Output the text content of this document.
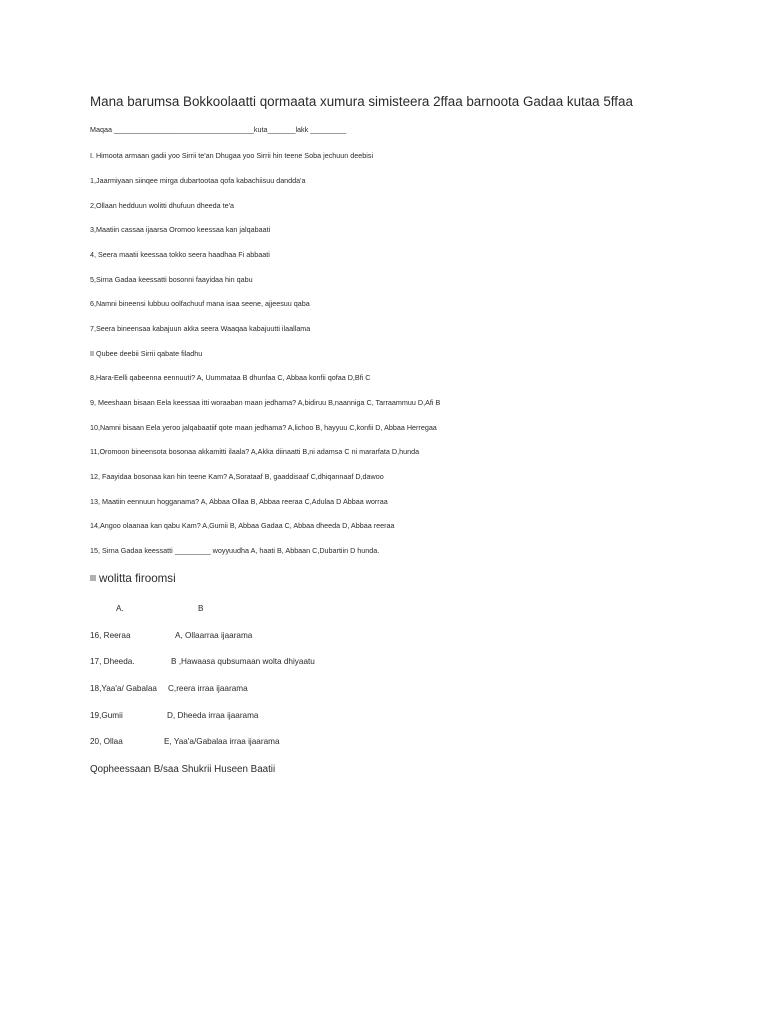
Mana barumsa Bokkoolaatti qormaata xumura simisteera 2ffaa barnoota Gadaa kutaa 5ffaa
Maqaa ___________________________________kuta_______lakk _________
I. Himoota armaan gadii yoo Sirrii te'an Dhugaa yoo Sirrii hin teene Soba jechuun deebisi
1,Jaarmiyaan siinqee mirga dubartootaa qofa kabachiisuu dandda'a
2,Ollaan hedduun wolitti dhufuun dheeda te'a
3,Maatiin cassaa ijaarsa Oromoo keessaa kan jalqabaati
4, Seera maatii keessaa tokko seera haadhaa Fi abbaati
5,Sirna Gadaa keessatti bosonni faayidaa hin qabu
6,Namni bineensi lubbuu oolfachuuf mana isaa seene, ajjeesuu qaba
7,Seera bineensaa kabajuun akka seera Waaqaa kabajuutti ilaallama
II Qubee deebii Sirrii qabate filadhu
8,Hara-Eelli qabeenna eennuuti? A, Uummataa B dhunfaa C, Abbaa konfii qofaa D,Bfi C
9, Meeshaan bisaan Eela keessaa itti woraaban maan jedhama? A,bidiruu B,naanniga C, Tarraammuu D,Afi B
10,Namni bisaan Eela yeroo jalqabaatiif qote maan jedhama? A,lichoo B, hayyuu C,konfii D, Abbaa Herregaa
11,Oromoon bineensota bosonaa akkamitti ilaala? A,Akka diinaatti B,ni adamsa C ni mararfata D,hunda
12, Faayidaa bosonaa kan hin teene Kam? A,Sorataaf B, gaaddisaaf C,dhiqannaaf D,dawoo
13, Maatiin eennuun hogganama? A, Abbaa Ollaa B, Abbaa reeraa C,Adulaa D Abbaa worraa
14,Angoo olaanaa kan qabu Kam? A,Gumii B, Abbaa Gadaa C, Abbaa dheeda D, Abbaa reeraa
15, Sirna Gadaa keessatti _________ woyyuudha A, haati B, Abbaan C,Dubartiin D hunda.
wolitta firoomsi
A.	B
16, Reeraa	A, Ollaarraa ijaarama
17, Dheeda.	B ,Hawaasa qubsumaan wolta dhiyaatu
18,Yaa'a/ Gabalaa C,reera irraa ijaarama
19,Gumii	D, Dheeda irraa ijaarama
20, Ollaa	E, Yaa'a/Gabalaa irraa ijaarama
Qopheessaan B/saa Shukrii Huseen Baatii
